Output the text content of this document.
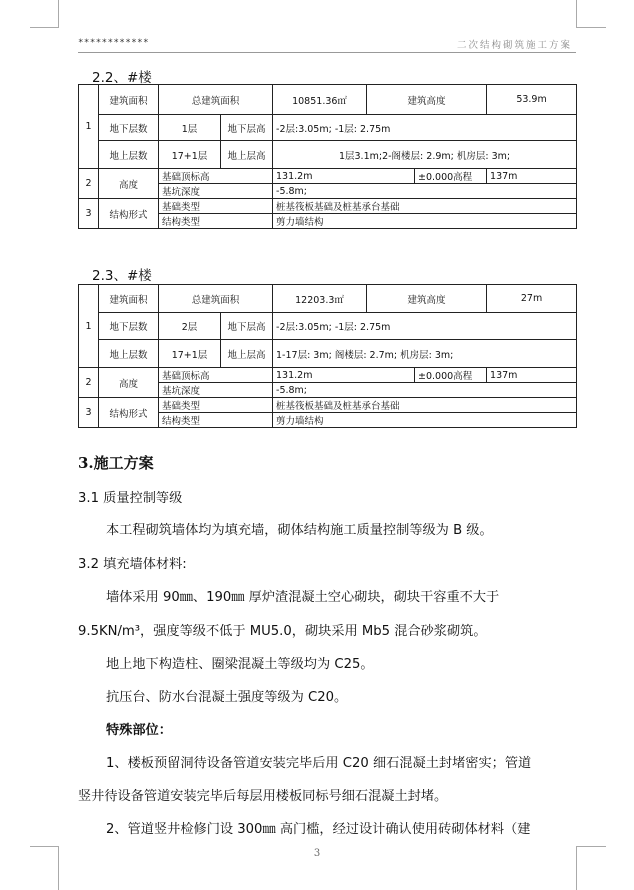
************	二次结构砌筑施工方案
2.2、#楼
1	建筑面积	总建筑面积		10851.36㎡	建筑高度		53.9m
	地下层数	1层	地下层高	-2层:3.05m; -1层: 2.75m			
	地上层数	17+1层	地上层高	1层3.1m;2-阁楼层: 2.9m; 机房层: 3m;			
2	高度	基础顶标高		131.2m		±0.000高程	137m
		基坑深度		-5.8m;			
3	结构形式	基础类型		桩基筏板基础及桩基承台基础			
		结构类型		剪力墙结构			
2.3、#楼
1	建筑面积	总建筑面积		12203.3㎡	建筑高度		27m
	地下层数	2层	地下层高	-2层:3.05m; -1层: 2.75m			
	地上层数	17+1层	地上层高	1-17层: 3m; 阁楼层: 2.7m; 机房层: 3m;			
2	高度	基础顶标高		131.2m		±0.000高程	137m
		基坑深度		-5.8m;			
3	结构形式	基础类型		桩基筏板基础及桩基承台基础			
		结构类型		剪力墙结构			
3.施工方案
3.1 质量控制等级
本工程砌筑墙体均为填充墙，砌体结构施工质量控制等级为 B 级。
3.2 填充墙体材料:
墙体采用 90㎜、190㎜ 厚炉渣混凝土空心砌块，砌块干容重不大于
9.5KN/m³，强度等级不低于 MU5.0，砌块采用 Mb5 混合砂浆砌筑。
地上地下构造柱、圈梁混凝土等级均为 C25。
抗压台、防水台混凝土强度等级为 C20。
特殊部位：
1、楼板预留洞待设备管道安装完毕后用 C20 细石混凝土封堵密实；管道
竖井待设备管道安装完毕后每层用楼板同标号细石混凝土封堵。
2、管道竖井检修门设 300㎜ 高门槛，经过设计确认使用砖砌体材料（建
3
